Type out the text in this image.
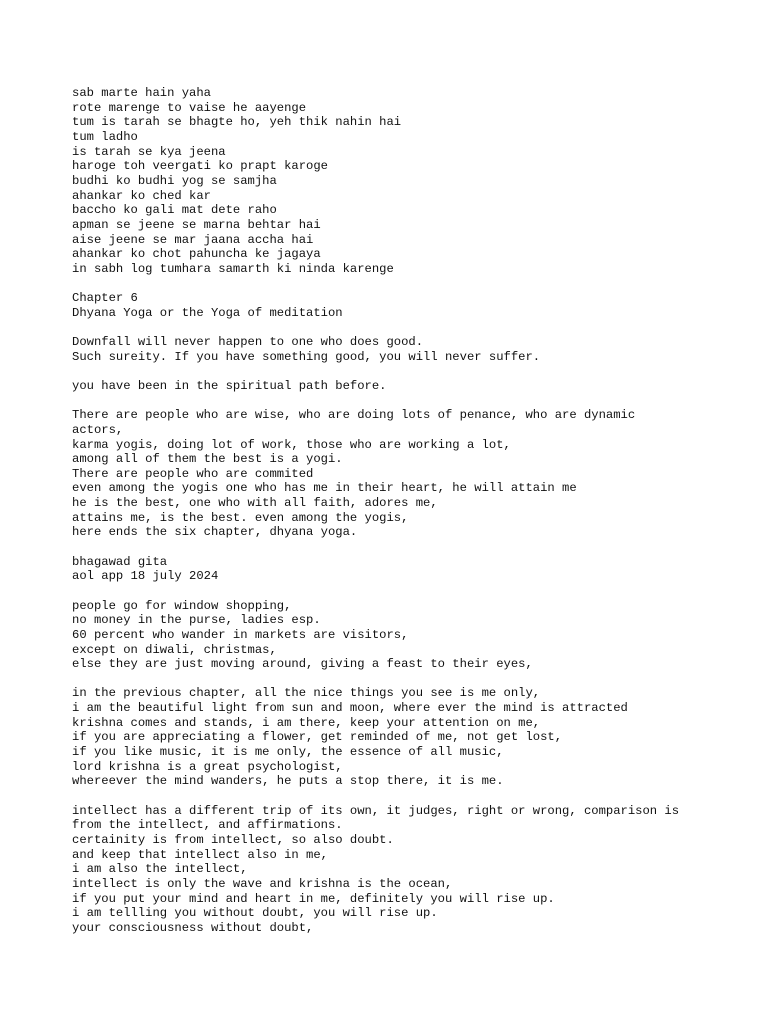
sab marte hain yaha
rote marenge to vaise he aayenge
tum is tarah se bhagte ho, yeh thik nahin hai
tum ladho
is tarah se kya jeena
haroge toh veergati ko prapt karoge
budhi ko budhi yog se samjha
ahankar ko ched kar
baccho ko gali mat dete raho
apman se jeene se marna behtar hai
aise jeene se mar jaana accha hai
ahankar ko chot pahuncha ke jagaya
in sabh log tumhara samarth ki ninda karenge
Chapter 6
Dhyana Yoga or the Yoga of meditation
Downfall will never happen to one who does good.
Such sureity. If you have something good, you will never suffer.
you have been in the spiritual path before.
There are people who are wise, who are doing lots of penance, who are dynamic
actors,
karma yogis, doing lot of work, those who are working a lot,
among all of them the best is a yogi.
There are people who are commited
even among the yogis one who has me in their heart, he will attain me
he is the best, one who with all faith, adores me,
attains me, is the best. even among the yogis,
here ends the six chapter, dhyana yoga.
bhagawad gita
aol app 18 july 2024
people go for window shopping,
no money in the purse, ladies esp.
60 percent who wander in markets are visitors,
except on diwali, christmas,
else they are just moving around, giving a feast to their eyes,
in the previous chapter, all the nice things you see is me only,
i am the beautiful light from sun and moon, where ever the mind is attracted
krishna comes and stands, i am there, keep your attention on me,
if you are appreciating a flower, get reminded of me, not get lost,
if you like music, it is me only, the essence of all music,
lord krishna is a great psychologist,
whereever the mind wanders, he puts a stop there, it is me.
intellect has a different trip of its own, it judges, right or wrong, comparison is
from the intellect, and affirmations.
certainity is from intellect, so also doubt.
and keep that intellect also in me,
i am also the intellect,
intellect is only the wave and krishna is the ocean,
if you put your mind and heart in me, definitely you will rise up.
i am tellling you without doubt, you will rise up.
your consciousness without doubt,
